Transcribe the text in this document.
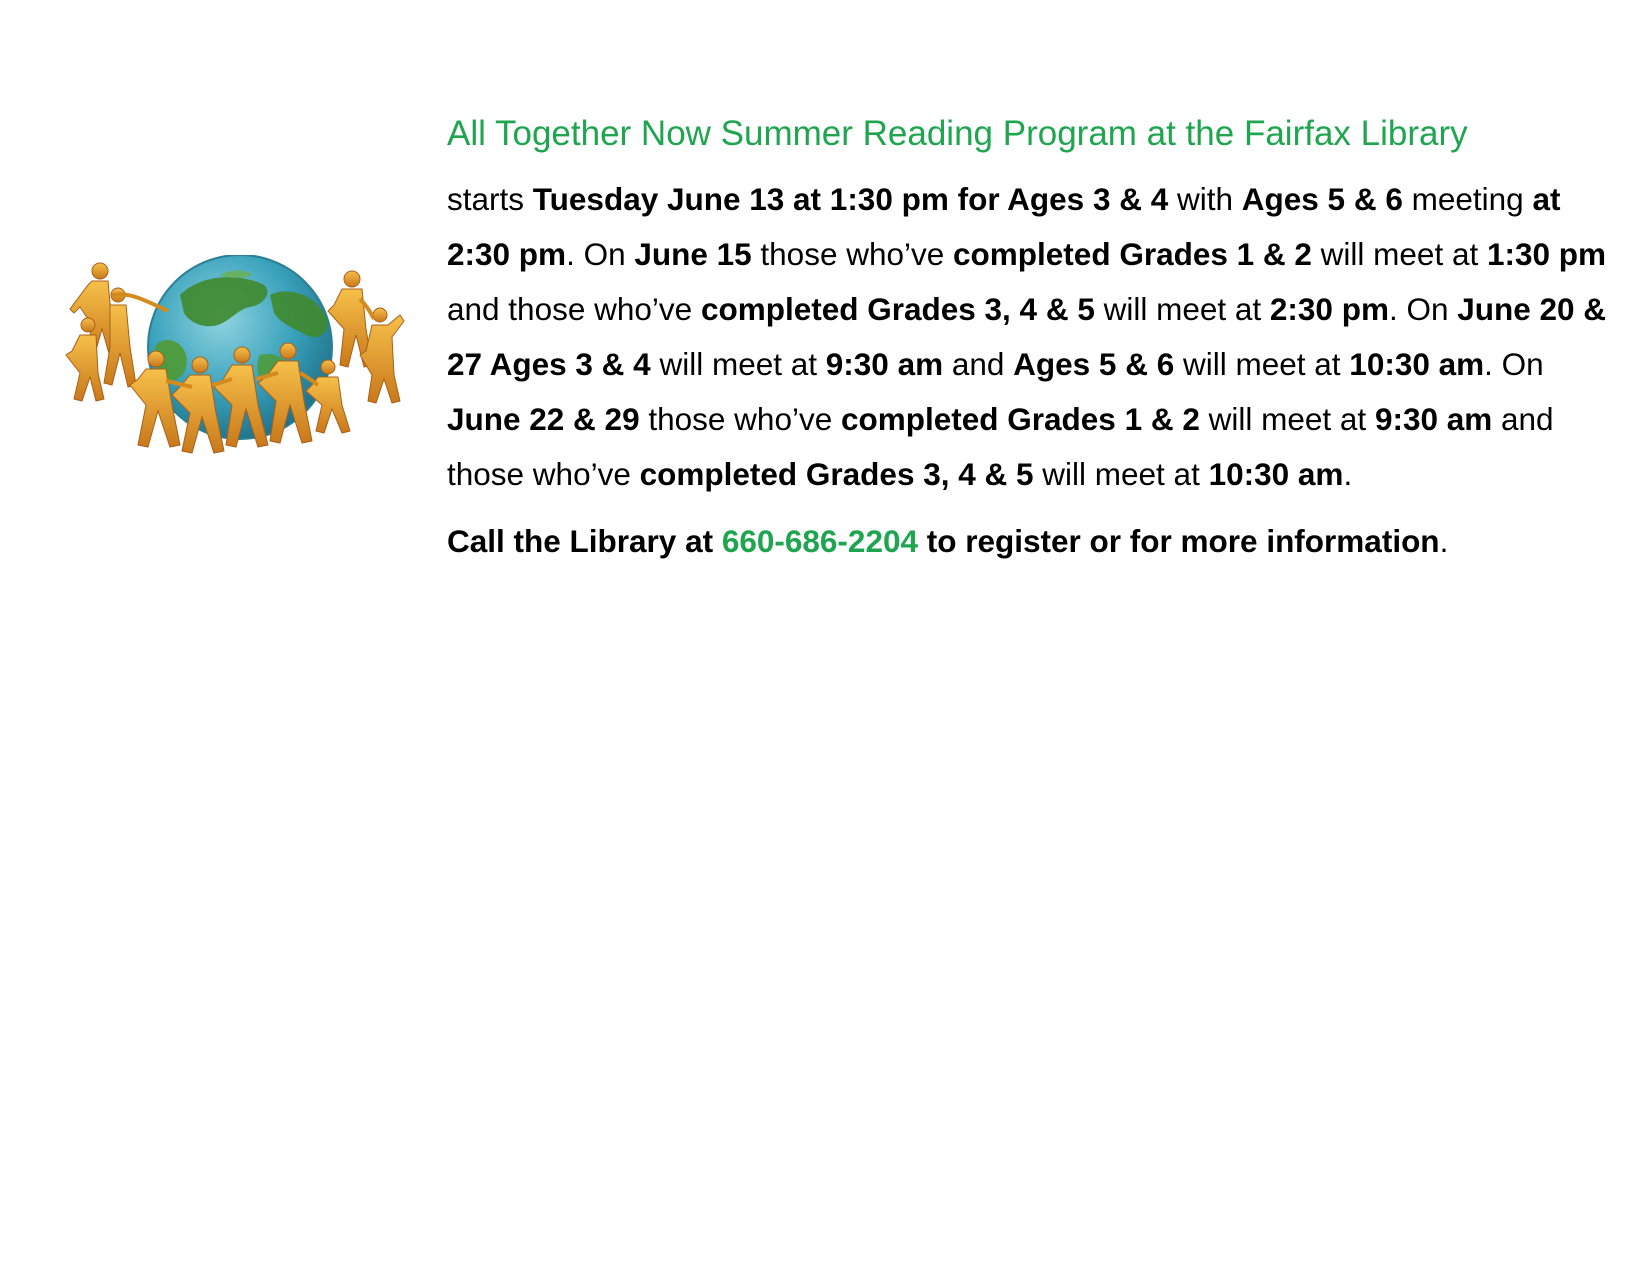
All Together Now Summer Reading Program at the Fairfax Library

starts Tuesday June 13 at 1:30 pm for Ages 3 & 4 with Ages 5 & 6 meeting at 2:30 pm. On June 15 those who’ve completed Grades 1 & 2 will meet at 1:30 pm and those who’ve completed Grades 3, 4 & 5 will meet at 2:30 pm. On June 20 & 27 Ages 3 & 4 will meet at 9:30 am and Ages 5 & 6 will meet at 10:30 am. On June 22 & 29 those who’ve completed Grades 1 & 2 will meet at 9:30 am and those who’ve completed Grades 3, 4 & 5 will meet at 10:30 am.

Call the Library at 660-686-2204 to register or for more information.
